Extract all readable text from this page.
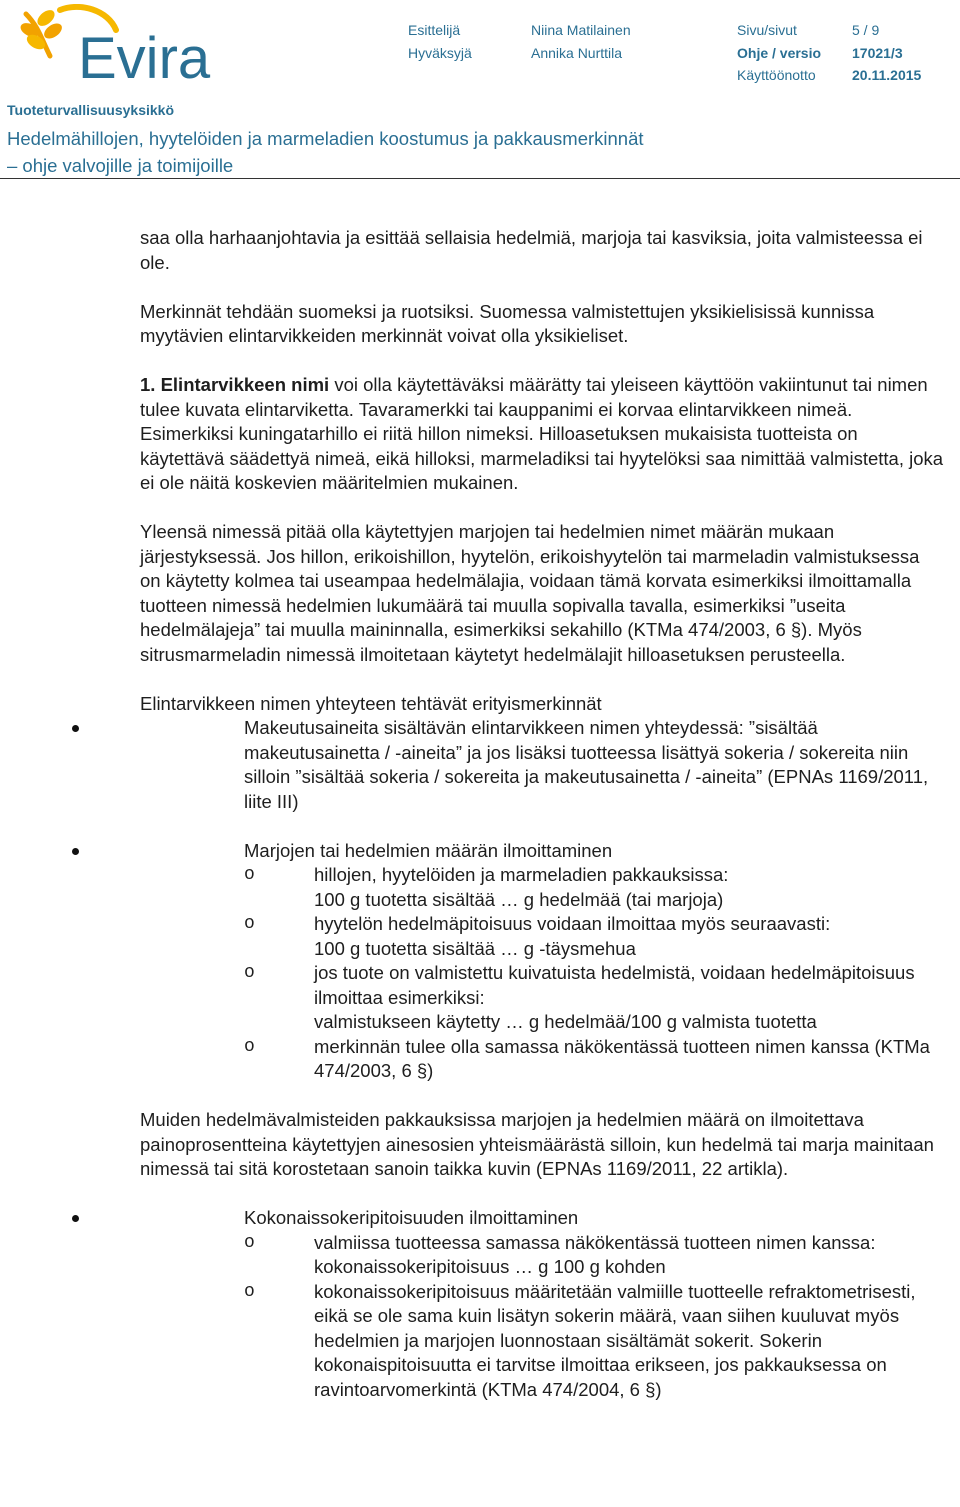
Evira	Esittelijä	Niina Matilainen	Sivu/sivut	5 / 9
Hyväksyjä	Annika Nurttila	Ohje / versio 17021/3
Käyttöönotto	20.11.2015
Tuoteturvallisuusyksikkö
Hedelmähillojen, hyytelöiden ja marmeladien koostumus ja pakkausmerkinnät
– ohje valvojille ja toimijoille

saa olla harhaanjohtavia ja esittää sellaisia hedelmiä, marjoja tai kasviksia, joita valmisteessa ei ole.

Merkinnät tehdään suomeksi ja ruotsiksi. Suomessa valmistettujen yksikielisissä kunnissa myytävien elintarvikkeiden merkinnät voivat olla yksikieliset.

1. Elintarvikkeen nimi voi olla käytettäväksi määrätty tai yleiseen käyttöön vakiintunut tai nimen tulee kuvata elintarviketta. Tavaramerkki tai kauppanimi ei korvaa elintarvikkeen nimeä. Esimerkiksi kuningatarhillo ei riitä hillon nimeksi. Hilloasetuksen mukaisista tuotteista on käytettävä säädettyä nimeä, eikä hilloksi, marmeladiksi tai hyytelöksi saa nimittää valmistetta, joka ei ole näitä koskevien määritelmien mukainen.

Yleensä nimessä pitää olla käytettyjen marjojen tai hedelmien nimet määrän mukaan järjestyksessä. Jos hillon, erikoishillon, hyytelön, erikoishyytelön tai marmeladin valmistuksessa on käytetty kolmea tai useampaa hedelmälajia, voidaan tämä korvata esimerkiksi ilmoittamalla tuotteen nimessä hedelmien lukumäärä tai muulla sopivalla tavalla, esimerkiksi ”useita hedelmälajeja” tai muulla maininnalla, esimerkiksi sekahillo (KTMa 474/2003, 6 §). Myös sitrusmarmeladin nimessä ilmoitetaan käytetyt hedelmälajit hilloasetuksen perusteella.

Elintarvikkeen nimen yhteyteen tehtävät erityismerkinnät

Makeutusaineita sisältävän elintarvikkeen nimen yhteydessä: ”sisältää makeutusainetta / -aineita” ja jos lisäksi tuotteessa lisättyä sokeria / sokereita niin silloin ”sisältää sokeria / sokereita ja makeutusainetta / -aineita” (EPNAs 1169/2011, liite III)
Marjojen tai hedelmien määrän ilmoittaminen
o hillojen, hyytelöiden ja marmeladien pakkauksissa:
100 g tuotetta sisältää … g hedelmää (tai marjoja)
o hyytelön hedelmäpitoisuus voidaan ilmoittaa myös seuraavasti:
100 g tuotetta sisältää … g -täysmehua
o jos tuote on valmistettu kuivatuista hedelmistä, voidaan hedelmäpitoisuus ilmoittaa esimerkiksi:
valmistukseen käytetty … g hedelmää/100 g valmista tuotetta
o merkinnän tulee olla samassa näkökentässä tuotteen nimen kanssa (KTMa 474/2003, 6 §)

Muiden hedelmävalmisteiden pakkauksissa marjojen ja hedelmien määrä on ilmoitettava painoprosentteina käytettyjen ainesosien yhteismäärästä silloin, kun hedelmä tai marja mainitaan nimessä tai sitä korostetaan sanoin taikka kuvin (EPNAs 1169/2011, 22 artikla).

Kokonaissokeripitoisuuden ilmoittaminen
o valmiissa tuotteessa samassa näkökentässä tuotteen nimen kanssa: kokonaissokeripitoisuus … g 100 g kohden
o kokonaissokeripitoisuus määritetään valmiille tuotteelle refraktometrisesti, eikä se ole sama kuin lisätyn sokerin määrä, vaan siihen kuuluvat myös hedelmien ja marjojen luonnostaan sisältämät sokerit. Sokerin kokonaispitoisuutta ei tarvitse ilmoittaa erikseen, jos pakkauksessa on ravintoarvomerkintä (KTMa 474/2004, 6 §)
